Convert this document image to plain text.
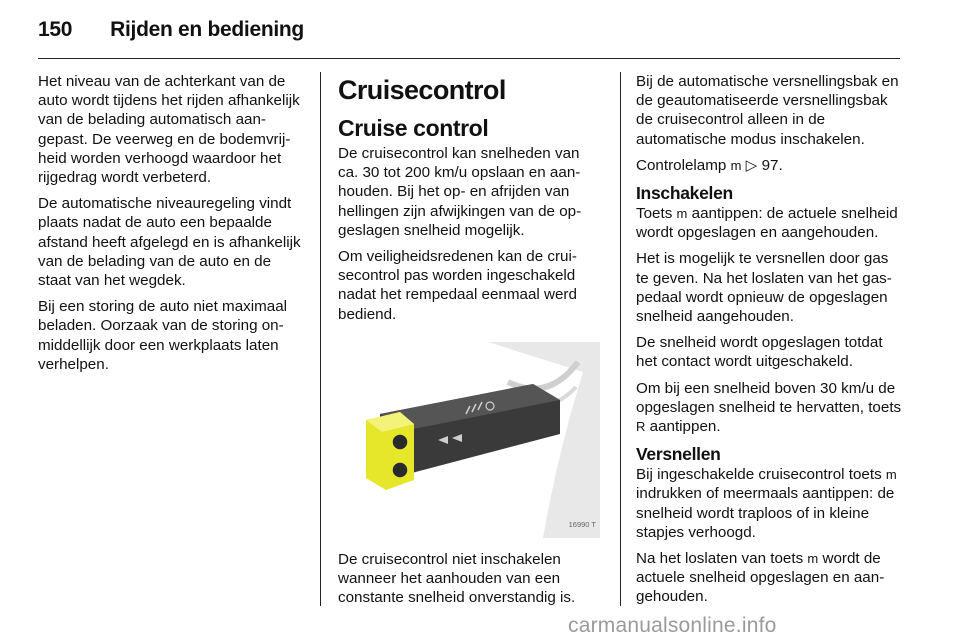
150 Rijden en bediening

Het niveau van de achterkant van de auto wordt tijdens het rijden afhankelijk van de belading automatisch aangepast. De veerweg en de bodemvrijheid worden verhoogd waardoor het rijgedrag wordt verbeterd.

De automatische niveauregeling vindt plaats nadat de auto een bepaalde afstand heeft afgelegd en is afhankelijk van de belading van de auto en de staat van het wegdek.

Bij een storing de auto niet maximaal beladen. Oorzaak van de storing onmiddellijk door een werkplaats laten verhelpen.

Cruisecontrol
Cruise control

De cruisecontrol kan snelheden van ca. 30 tot 200 km/u opslaan en aanhouden. Bij het op- en afrijden van hellingen zijn afwijkingen van de opgeslagen snelheid mogelijk.

Om veiligheidsredenen kan de cruisecontrol pas worden ingeschakeld nadat het rempedaal eenmaal werd bediend.

16990 T

De cruisecontrol niet inschakelen wanneer het aanhouden van een constante snelheid onverstandig is.

Bij de automatische versnellingsbak en de geautomatiseerde versnellingsbak de cruisecontrol alleen in de automatische modus inschakelen.

Controlelamp m ▷ 97.

Inschakelen

Toets m aantippen: de actuele snelheid wordt opgeslagen en aangehouden.

Het is mogelijk te versnellen door gas te geven. Na het loslaten van het gaspedaal wordt opnieuw de opgeslagen snelheid aangehouden.

De snelheid wordt opgeslagen totdat het contact wordt uitgeschakeld.

Om bij een snelheid boven 30 km/u de opgeslagen snelheid te hervatten, toets R aantippen.

Versnellen

Bij ingeschakelde cruisecontrol toets m indrukken of meermaals aantippen: de snelheid wordt traploos of in kleine stapjes verhoogd.

Na het loslaten van toets m wordt de actuele snelheid opgeslagen en aangehouden.

carmanualsonline.info
